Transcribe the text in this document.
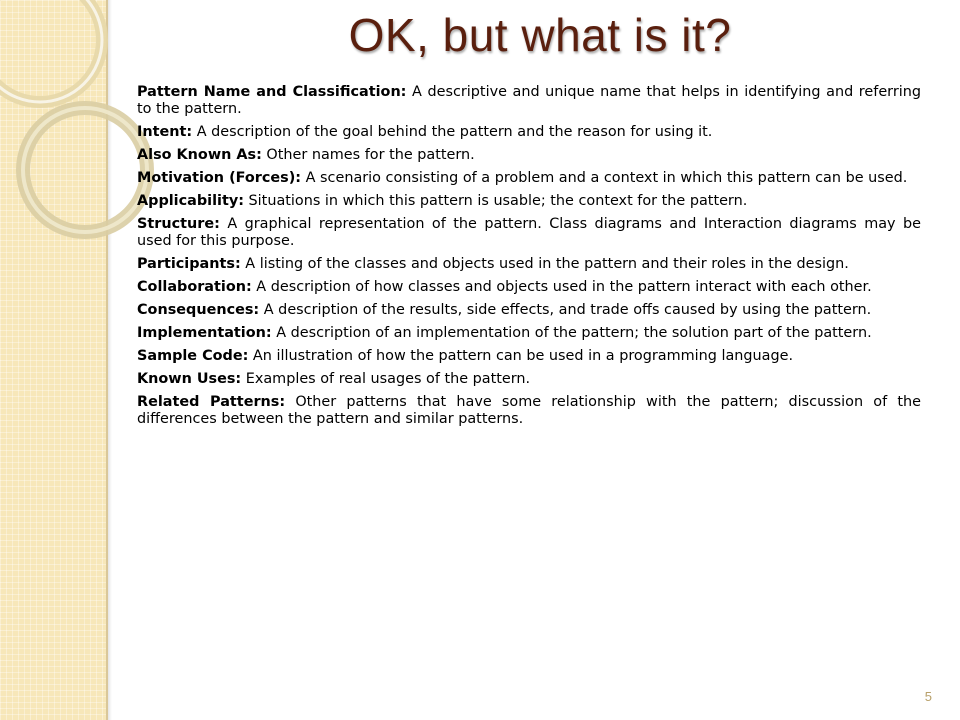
OK, but what is it?

Pattern Name and Classification: A descriptive and unique name that helps in identifying and referring to the pattern.

Intent: A description of the goal behind the pattern and the reason for using it.

Also Known As: Other names for the pattern.

Motivation (Forces): A scenario consisting of a problem and a context in which this pattern can be used.

Applicability: Situations in which this pattern is usable; the context for the pattern.

Structure: A graphical representation of the pattern. Class diagrams and Interaction diagrams may be used for this purpose.

Participants: A listing of the classes and objects used in the pattern and their roles in the design.

Collaboration: A description of how classes and objects used in the pattern interact with each other.

Consequences: A description of the results, side effects, and trade offs caused by using the pattern.

Implementation: A description of an implementation of the pattern; the solution part of the pattern.

Sample Code: An illustration of how the pattern can be used in a programming language.

Known Uses: Examples of real usages of the pattern.

Related Patterns: Other patterns that have some relationship with the pattern; discussion of the differences between the pattern and similar patterns.

5
